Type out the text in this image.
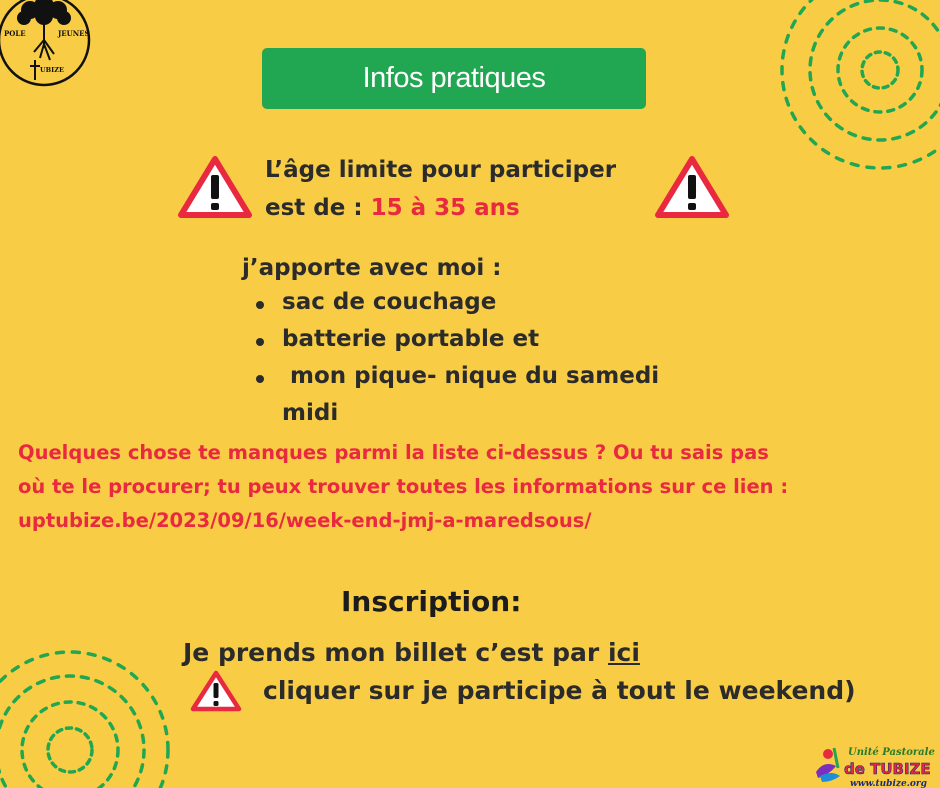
POLE	JEUNES
UBIZE	Infos pratiques
L’âge limite pour participer
est de : 15 à 35 ans
j’apporte avec moi :
sac de couchage
batterie portable et
mon pique- nique du samedi
midi
Quelques chose te manques parmi la liste ci-dessus ? Ou tu sais pas
où te le procurer; tu peux trouver toutes les informations sur ce lien :
uptubize.be/2023/09/16/week-end-jmj-a-maredsous/
Inscription:
Je prends mon billet c’est par ici
cliquer sur je participe à tout le weekend)
Unité Pastorale
de TUBIZE
www.tubize.org
